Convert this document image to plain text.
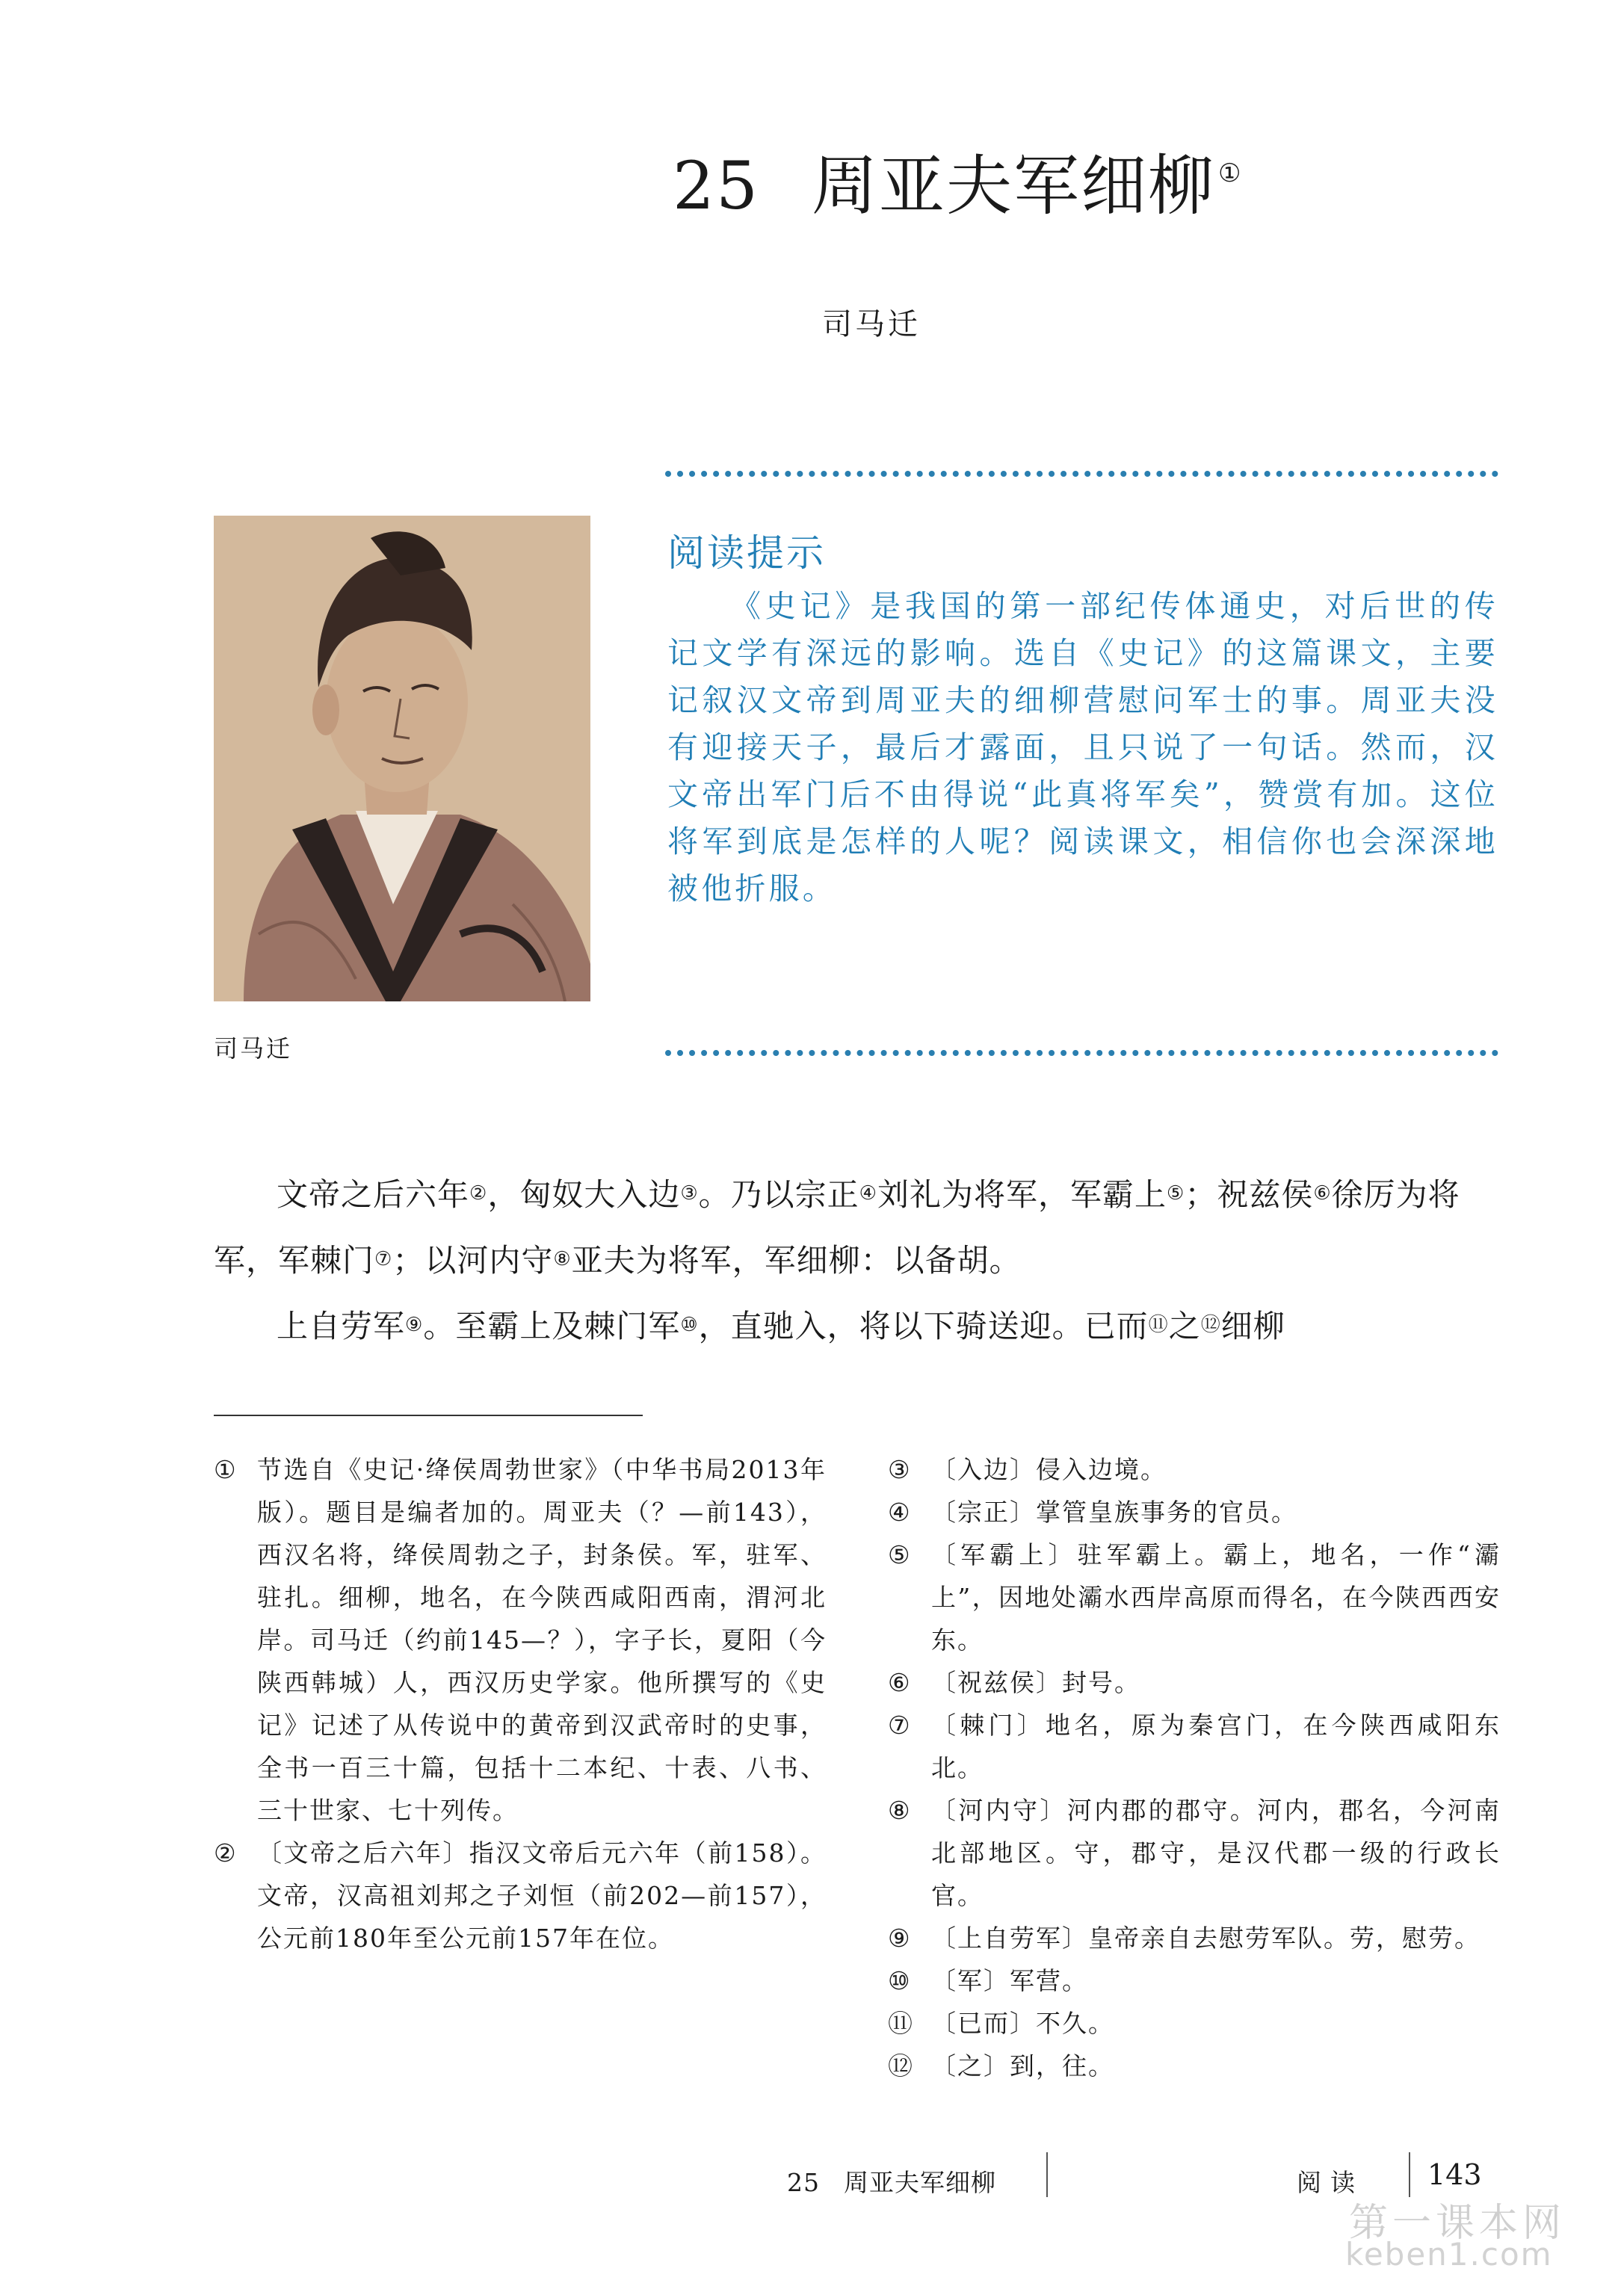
25 周亚夫军细柳 ①
司马迁
司马迁
阅读提示
《史记》是我国的第一部纪传体通史，对后世的传记文学有深远的影响。选自《史记》的这篇课文，主要记叙汉文帝到周亚夫的细柳营慰问军士的事。周亚夫没有迎接天子，最后才露面，且只说了一句话。然而，汉文帝出军门后不由得说“此真将军矣”，赞赏有加。这位将军到底是怎样的人呢？阅读课文，相信你也会深深地被他折服。
文帝之后六年②，匈奴大入边③。乃以宗正④刘礼为将军，军霸上⑤；祝兹侯⑥徐厉为将军，军棘门⑦；以河内守⑧亚夫为将军，军细柳：以备胡。
上自劳军⑨。至霸上及棘门军⑩，直驰入，将以下骑送迎。已而⑪之⑫细柳
① 节选自《史记·绛侯周勃世家》（中华书局2013年版）。题目是编者加的。周亚夫（？—前143），西汉名将，绛侯周勃之子，封条侯。军，驻军、驻扎。细柳，地名，在今陕西咸阳西南，渭河北岸。司马迁（约前145—？），字子长，夏阳（今陕西韩城）人，西汉历史学家。他所撰写的《史记》记述了从传说中的黄帝到汉武帝时的史事，全书一百三十篇，包括十二本纪、十表、八书、三十世家、七十列传。
② 〔文帝之后六年〕指汉文帝后元六年（前158）。文帝，汉高祖刘邦之子刘恒（前202—前157），公元前180年至公元前157年在位。
③ 〔入边〕侵入边境。
④ 〔宗正〕掌管皇族事务的官员。
⑤ 〔军霸上〕驻军霸上。霸上，地名，一作“灞上”，因地处灞水西岸高原而得名，在今陕西西安东。
⑥ 〔祝兹侯〕封号。
⑦ 〔棘门〕地名，原为秦宫门，在今陕西咸阳东北。
⑧ 〔河内守〕河内郡的郡守。河内，郡名，今河南北部地区。守，郡守，是汉代郡一级的行政长官。
⑨ 〔上自劳军〕皇帝亲自去慰劳军队。劳，慰劳。
⑩ 〔军〕军营。
⑪ 〔已而〕不久。
⑫ 〔之〕到，往。
25 周亚夫军细柳	阅读 143
第一课本网
keben1.com
